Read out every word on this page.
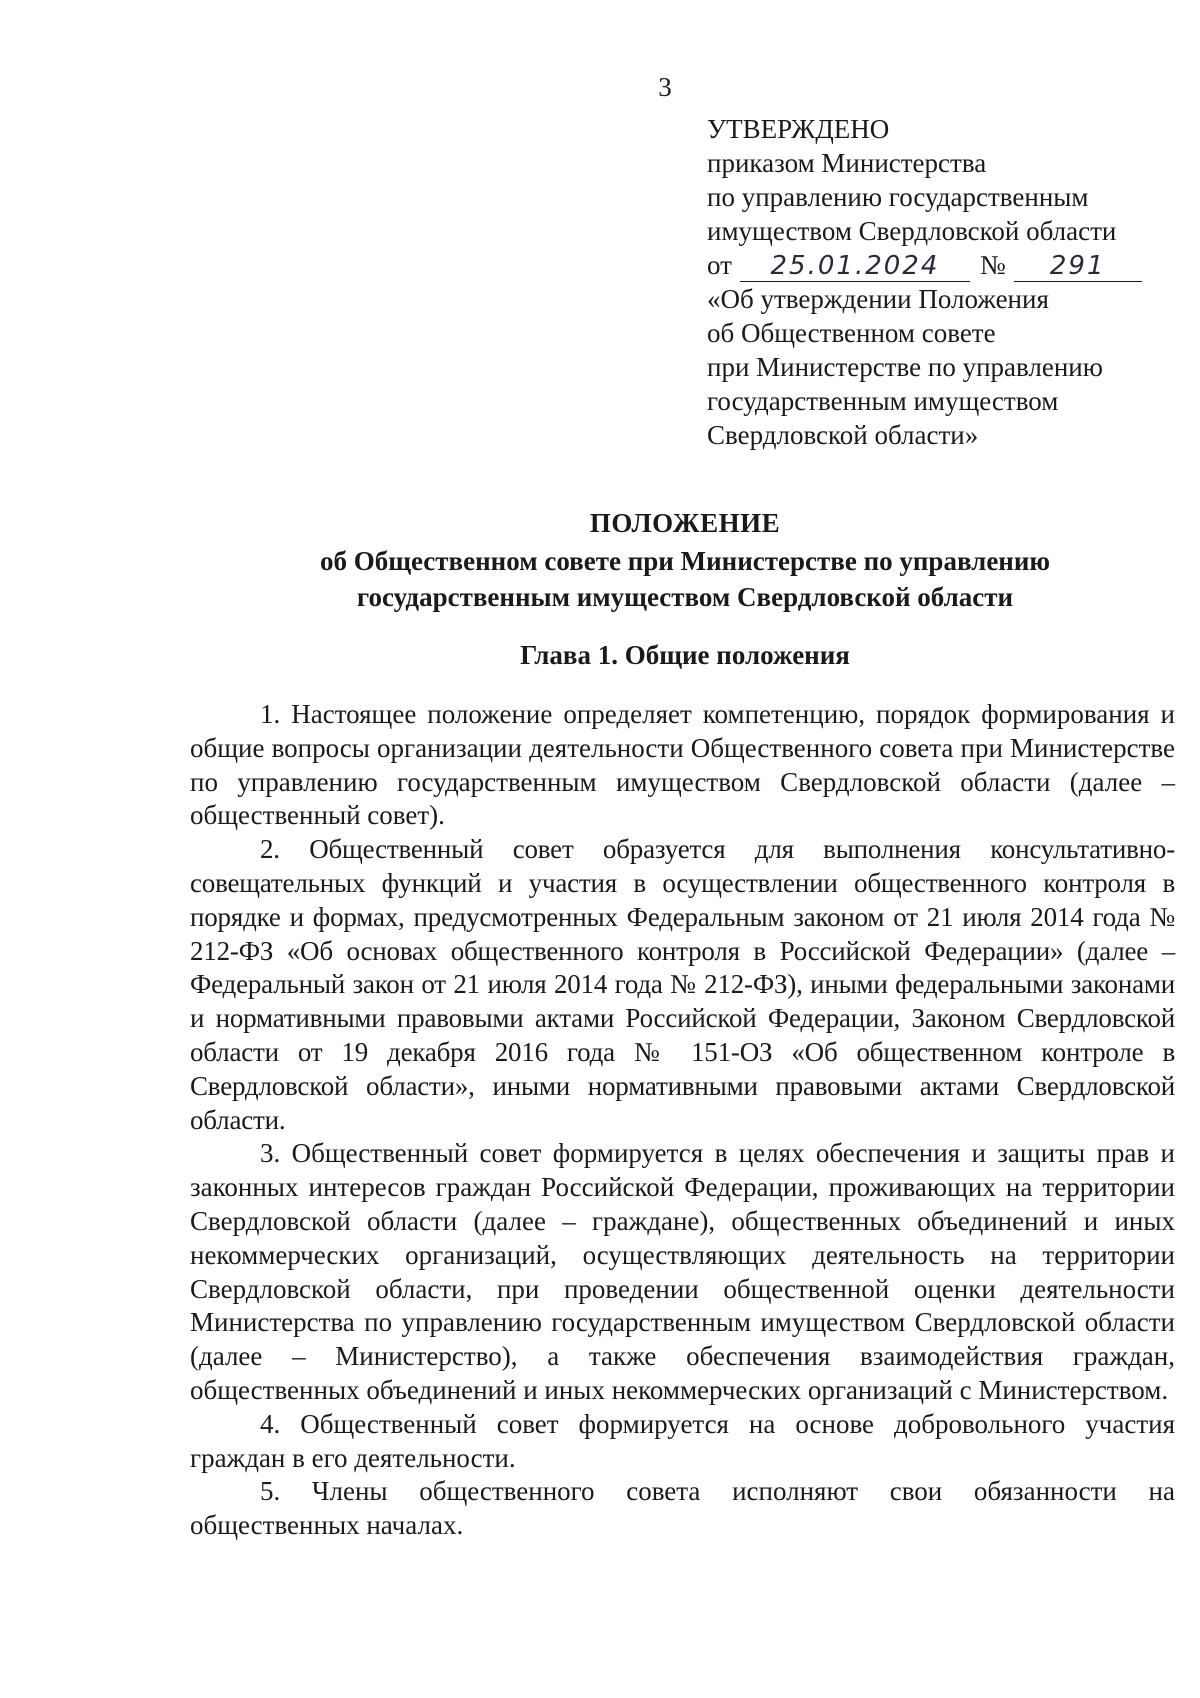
3
УТВЕРЖДЕНО
приказом Министерства
по управлению государственным
имуществом Свердловской области
от	25.01.2024	№	291
«Об утверждении Положения
об Общественном совете
при Министерстве по управлению
государственным имуществом
Свердловской области»
ПОЛОЖЕНИЕ
об Общественном совете при Министерстве по управлению
государственным имуществом Свердловской области
Глава 1. Общие положения

1. Настоящее положение определяет компетенцию, порядок формирования и общие вопросы организации деятельности Общественного совета при Министерстве по управлению государственным имуществом Свердловской области (далее – общественный совет).

2. Общественный совет образуется для выполнения консультативно-совещательных функций и участия в осуществлении общественного контроля в порядке и формах, предусмотренных Федеральным законом от 21 июля 2014 года № 212-ФЗ «Об основах общественного контроля в Российской Федерации» (далее – Федеральный закон от 21 июля 2014 года № 212-ФЗ), иными федеральными законами и нормативными правовыми актами Российской Федерации, Законом Свердловской области от 19 декабря 2016 года № 151-ОЗ «Об общественном контроле в Свердловской области», иными нормативными правовыми актами Свердловской области.

3. Общественный совет формируется в целях обеспечения и защиты прав и законных интересов граждан Российской Федерации, проживающих на территории Свердловской области (далее – граждане), общественных объединений и иных некоммерческих организаций, осуществляющих деятельность на территории Свердловской области, при проведении общественной оценки деятельности Министерства по управлению государственным имуществом Свердловской области (далее – Министерство), а также обеспечения взаимодействия граждан, общественных объединений и иных некоммерческих организаций с Министерством.

4. Общественный совет формируется на основе добровольного участия граждан в его деятельности.

5. Члены общественного совета исполняют свои обязанности на общественных началах.
